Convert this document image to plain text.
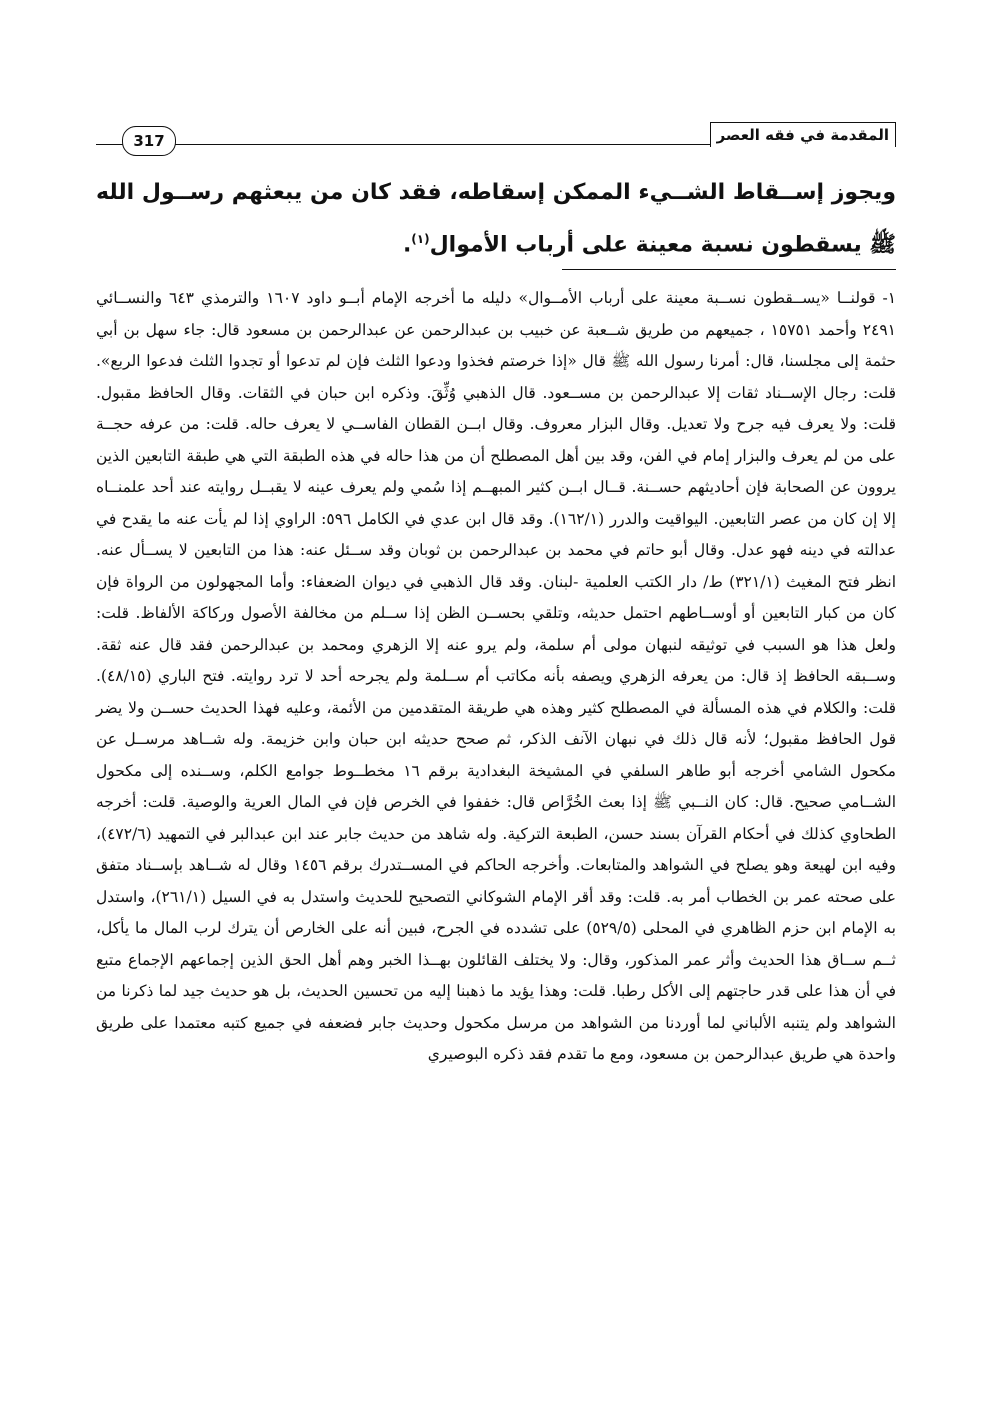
المقدمة في فقه العصر
317
ويجوز إســقاط الشــيء الممكن إسقاطه، فقد كان من يبعثهم رســول الله ﷺ يسقطون نسبة معينة على أرباب الأموال$^{(١)}$.

١- قولنــا «يســقطون نســبة معينة على أرباب الأمــوال» دليله ما أخرجه الإمام أبــو داود ١٦٠٧ والترمذي ٦٤٣ والنســائي ٢٤٩١ وأحمد ١٥٧٥١ ، جميعهم من طريق شــعبة عن خبيب بن عبدالرحمن عن عبدالرحمن بن مسعود قال: جاء سهل بن أبي حثمة إلى مجلسنا، قال: أمرنا رسول الله ﷺ قال «إذا خرصتم فخذوا ودعوا الثلث فإن لم تدعوا أو تجدوا الثلث فدعوا الربع». قلت: رجال الإســناد ثقات إلا عبدالرحمن بن مســعود. قال الذهبي وُثِّقَ. وذكره ابن حبان في الثقات. وقال الحافظ مقبول. قلت: ولا يعرف فيه جرح ولا تعديل. وقال البزار معروف. وقال ابــن القطان الفاســي لا يعرف حاله. قلت: من عرفه حجــة على من لم يعرف والبزار إمام في الفن، وقد بين أهل المصطلح أن من هذا حاله في هذه الطبقة التي هي طبقة التابعين الذين يروون عن الصحابة فإن أحاديثهم حســنة. قــال ابــن كثير المبهــم إذا سُمي ولم يعرف عينه لا يقبــل روايته عند أحد علمنــاه إلا إن كان من عصر التابعين. اليواقيت والدرر (١٦٢/١). وقد قال ابن عدي في الكامل ٥٩٦: الراوي إذا لم يأت عنه ما يقدح في عدالته في دينه فهو عدل. وقال أبو حاتم في محمد بن عبدالرحمن بن ثوبان وقد ســئل عنه: هذا من التابعين لا يســأل عنه. انظر فتح المغيث (٣٢١/١) ط/ دار الكتب العلمية -لبنان. وقد قال الذهبي في ديوان الضعفاء: وأما المجهولون من الرواة فإن كان من كبار التابعين أو أوســاطهم احتمل حديثه، وتلقي بحســن الظن إذا ســلم من مخالفة الأصول وركاكة الألفاظ. قلت: ولعل هذا هو السبب في توثيقه لنبهان مولى أم سلمة، ولم يرو عنه إلا الزهري ومحمد بن عبدالرحمن فقد قال عنه ثقة. وســبقه الحافظ إذ قال: من يعرفه الزهري ويصفه بأنه مكاتب أم ســلمة ولم يجرحه أحد لا ترد روايته. فتح الباري (٤٨/١٥). قلت: والكلام في هذه المسألة في المصطلح كثير وهذه هي طريقة المتقدمين من الأئمة، وعليه فهذا الحديث حســن ولا يضر قول الحافظ مقبول؛ لأنه قال ذلك في نبهان الآنف الذكر، ثم صحح حديثه ابن حبان وابن خزيمة. وله شــاهد مرســل عن مكحول الشامي أخرجه أبو طاهر السلفي في المشيخة البغدادية برقم ١٦ مخطــوط جوامع الكلم، وســنده إلى مكحول الشــامي صحيح. قال: كان النــبي ﷺ إذا بعث الخُرَّاص قال: خففوا في الخرص فإن في المال العرية والوصية. قلت: أخرجه الطحاوي كذلك في أحكام القرآن بسند حسن، الطبعة التركية. وله شاهد من حديث جابر عند ابن عبدالبر في التمهيد (٤٧٢/٦)، وفيه ابن لهيعة وهو يصلح في الشواهد والمتابعات. وأخرجه الحاكم في المســتدرك برقم ١٤٥٦ وقال له شــاهد بإســناد متفق على صحته عمر بن الخطاب أمر به. قلت: وقد أقر الإمام الشوكاني التصحيح للحديث واستدل به في السيل (٢٦١/١)، واستدل به الإمام ابن حزم الظاهري في المحلى (٥٢٩/٥) على تشدده في الجرح، فبين أنه على الخارص أن يترك لرب المال ما يأكل، ثــم ســاق هذا الحديث وأثر عمر المذكور، وقال: ولا يختلف القائلون بهــذا الخبر وهم أهل الحق الذين إجماعهم الإجماع متبع في أن هذا على قدر حاجتهم إلى الأكل رطبا. قلت: وهذا يؤيد ما ذهبنا إليه من تحسين الحديث، بل هو حديث جيد لما ذكرنا من الشواهد ولم يتنبه الألباني لما أوردنا من الشواهد من مرسل مكحول وحديث جابر فضعفه في جميع كتبه معتمدا على طريق واحدة هي طريق عبدالرحمن بن مسعود، ومع ما تقدم فقد ذكره البوصيري
